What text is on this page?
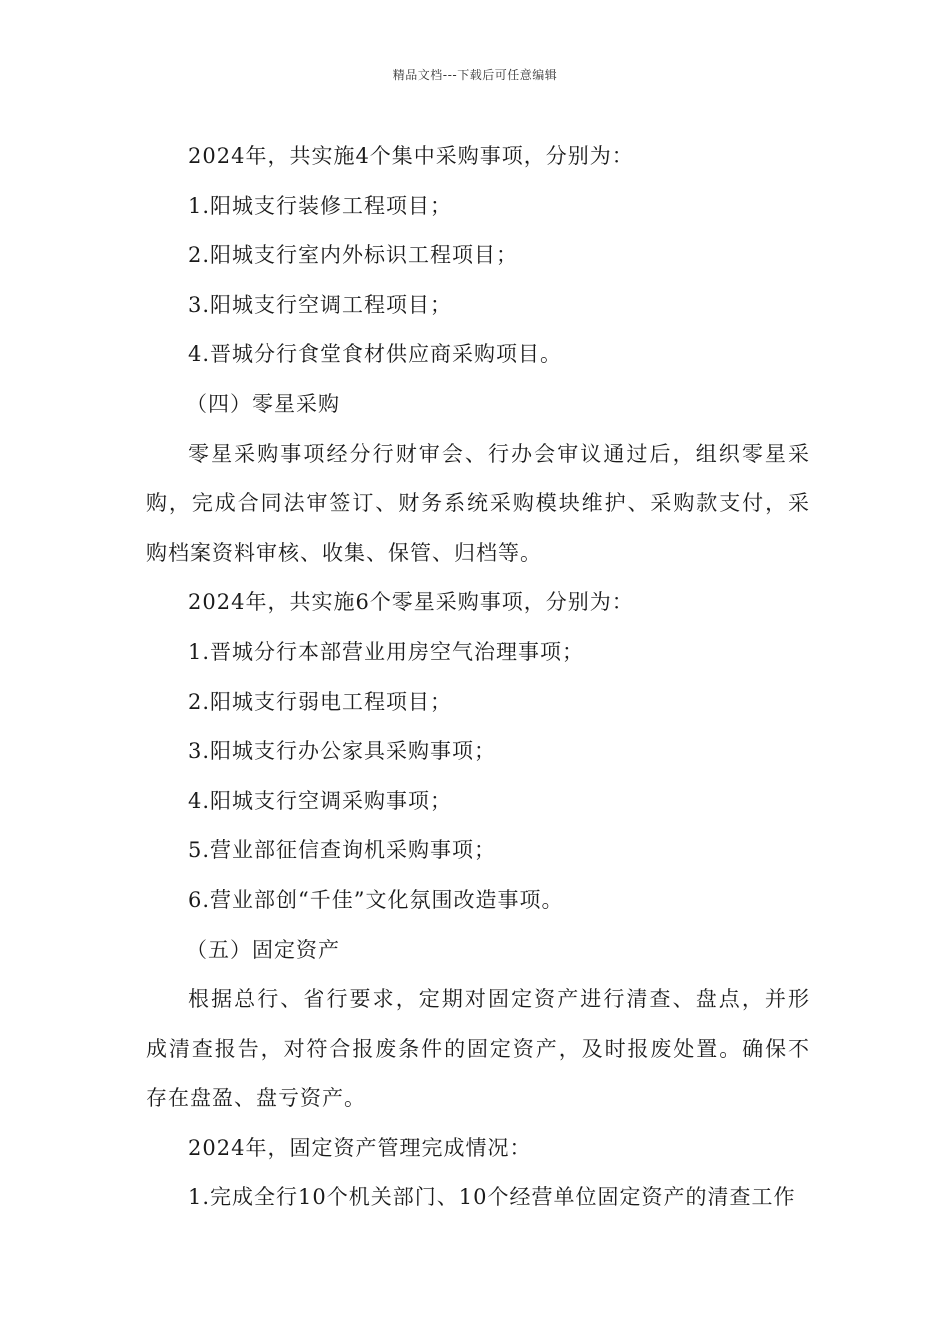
精品文档---下载后可任意编辑
2024年，共实施4个集中采购事项，分别为：
1.阳城支行装修工程项目；
2.阳城支行室内外标识工程项目；
3.阳城支行空调工程项目；
4.晋城分行食堂食材供应商采购项目。
（四）零星采购
零星采购事项经分行财审会、行办会审议通过后，组织零星采
购，完成合同法审签订、财务系统采购模块维护、采购款支付，采
购档案资料审核、收集、保管、归档等。
2024年，共实施6个零星采购事项，分别为：
1.晋城分行本部营业用房空气治理事项；
2.阳城支行弱电工程项目；
3.阳城支行办公家具采购事项；
4.阳城支行空调采购事项；
5.营业部征信查询机采购事项；
6.营业部创“千佳”文化氛围改造事项。
（五）固定资产
根据总行、省行要求，定期对固定资产进行清查、盘点，并形
成清查报告，对符合报废条件的固定资产，及时报废处置。确保不
存在盘盈、盘亏资产。
2024年，固定资产管理完成情况：
1.完成全行10个机关部门、10个经营单位固定资产的清查工作
